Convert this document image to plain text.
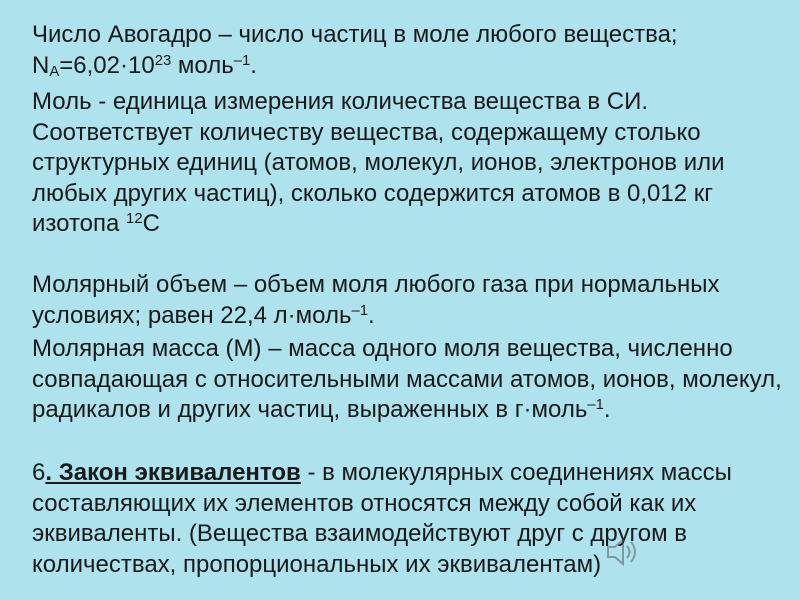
Число Авогадро – число частиц в моле любого вещества;
$N_A=6,02\cdot 10^{23}$ моль$^{-1}$.

Моль - единица измерения количества вещества в СИ.
Соответствует количеству вещества, содержащему столько
структурных единиц (атомов, молекул, ионов, электронов или
любых других частиц), сколько содержится атомов в 0,012 кг
изотопа $^{12}$С

Молярный объем – объем моля любого газа при нормальных
условиях; равен 22,4 л·моль$^{-1}$.

Молярная масса (М) – масса одного моля вещества, численно
совпадающая с относительными массами атомов, ионов, молекул,
радикалов и других частиц, выраженных в г·моль$^{-1}$.

6. Закон эквивалентов - в молекулярных соединениях массы
составляющих их элементов относятся между собой как их
эквиваленты. (Вещества взаимодействуют друг с другом в
количествах, пропорциональных их эквивалентам)
